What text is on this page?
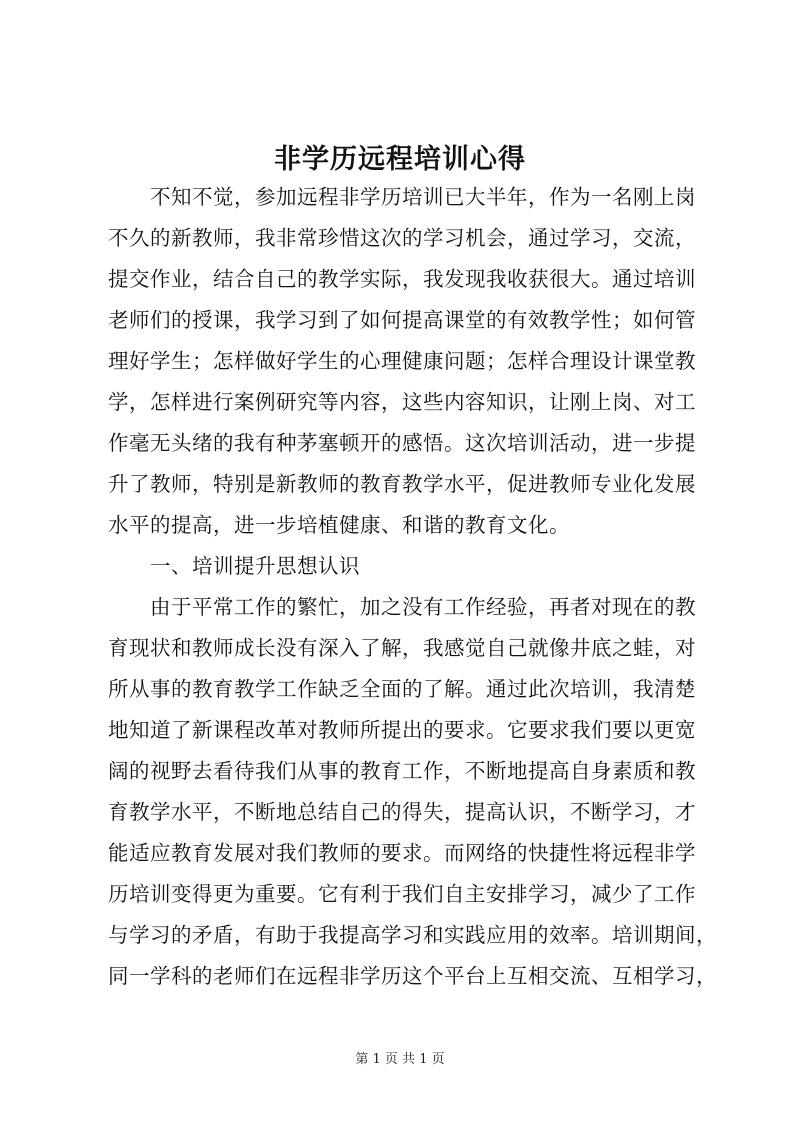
非学历远程培训心得
不知不觉，参加远程非学历培训已大半年，作为一名刚上岗
不久的新教师，我非常珍惜这次的学习机会，通过学习，交流，
提交作业，结合自己的教学实际，我发现我收获很大。通过培训
老师们的授课，我学习到了如何提高课堂的有效教学性；如何管
理好学生；怎样做好学生的心理健康问题；怎样合理设计课堂教
学，怎样进行案例研究等内容，这些内容知识，让刚上岗、对工
作毫无头绪的我有种茅塞顿开的感悟。这次培训活动，进一步提
升了教师，特别是新教师的教育教学水平，促进教师专业化发展
水平的提高，进一步培植健康、和谐的教育文化。
一、培训提升思想认识
由于平常工作的繁忙，加之没有工作经验，再者对现在的教
育现状和教师成长没有深入了解，我感觉自己就像井底之蛙，对
所从事的教育教学工作缺乏全面的了解。通过此次培训，我清楚
地知道了新课程改革对教师所提出的要求。它要求我们要以更宽
阔的视野去看待我们从事的教育工作，不断地提高自身素质和教
育教学水平，不断地总结自己的得失，提高认识，不断学习，才
能适应教育发展对我们教师的要求。而网络的快捷性将远程非学
历培训变得更为重要。它有利于我们自主安排学习，减少了工作
与学习的矛盾，有助于我提高学习和实践应用的效率。培训期间，
同一学科的老师们在远程非学历这个平台上互相交流、互相学习，
第 1 页 共 1 页
